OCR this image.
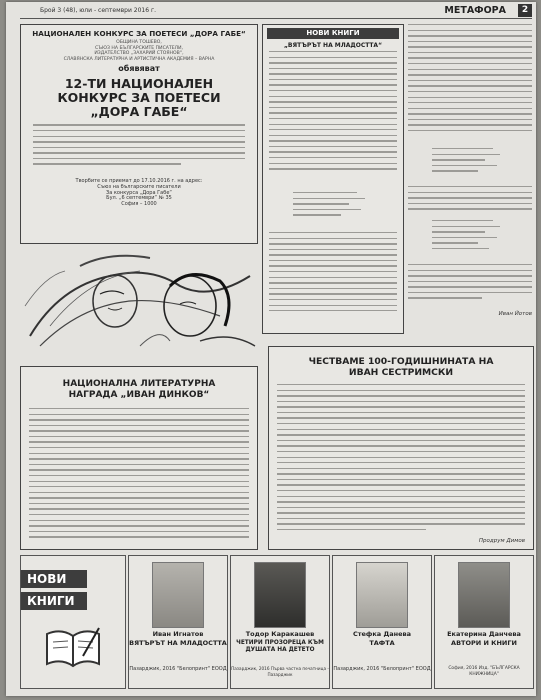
Брой 3 (48), юли - септември 2016 г.	МЕТАФОРА	2
НАЦИОНАЛЕН КОНКУРС ЗА ПОЕТЕСИ „ДОРА ГАБЕ“
ОБЩИНА ТОШЕВО,
СЪЮЗ НА БЪЛГАРСКИТЕ ПИСАТЕЛИ,
ИЗДАТЕЛСТВО „ЗАХАРИЙ СТОЯНОВ“,
СЛАВЯНСКА ЛИТЕРАТУРНА И АРТИСТИЧНА АКАДЕМИЯ – ВАРНА
обявяват
12-ТИ НАЦИОНАЛЕН КОНКУРС ЗА ПОЕТЕСИ „ДОРА ГАБЕ“
Творбите се приемат до 17.10.2016 г. на адрес:
Съюз на българските писатели
За конкурса „Дора Габе“
Бул. „6 септември“ № 35
София – 1000
НАЦИОНАЛНА ЛИТЕРАТУРНА НАГРАДА „ИВАН ДИНКОВ“
НОВИ КНИГИ
„ВЯТЪРЪТ НА МЛАДОСТТА“
Иван Йотов
ЧЕСТВАМЕ 100-ГОДИШНИНАТА НА ИВАН СЕСТРИМСКИ
Продрум Димов
НОВИ
КНИГИ
Иван Игнатов
ВЯТЪРЪТ НА МЛАДОСТТА
Пазарджик, 2016 "Белопринт" ЕООД
Тодор Каракашев
ЧЕТИРИ ПРОЗОРЕЦА КЪМ ДУШАТА НА ДЕТЕТО
Пазарджик, 2016 Първа частна печатница - Пазарджик
Стефка Данева
ТАФТА
Пазарджик, 2016 "Белопринт" ЕООД
Екатерина Данчева
АВТОРИ И КНИГИ
София, 2016 Изд. "БЪЛГАРСКА КНИЖНИЦА"
